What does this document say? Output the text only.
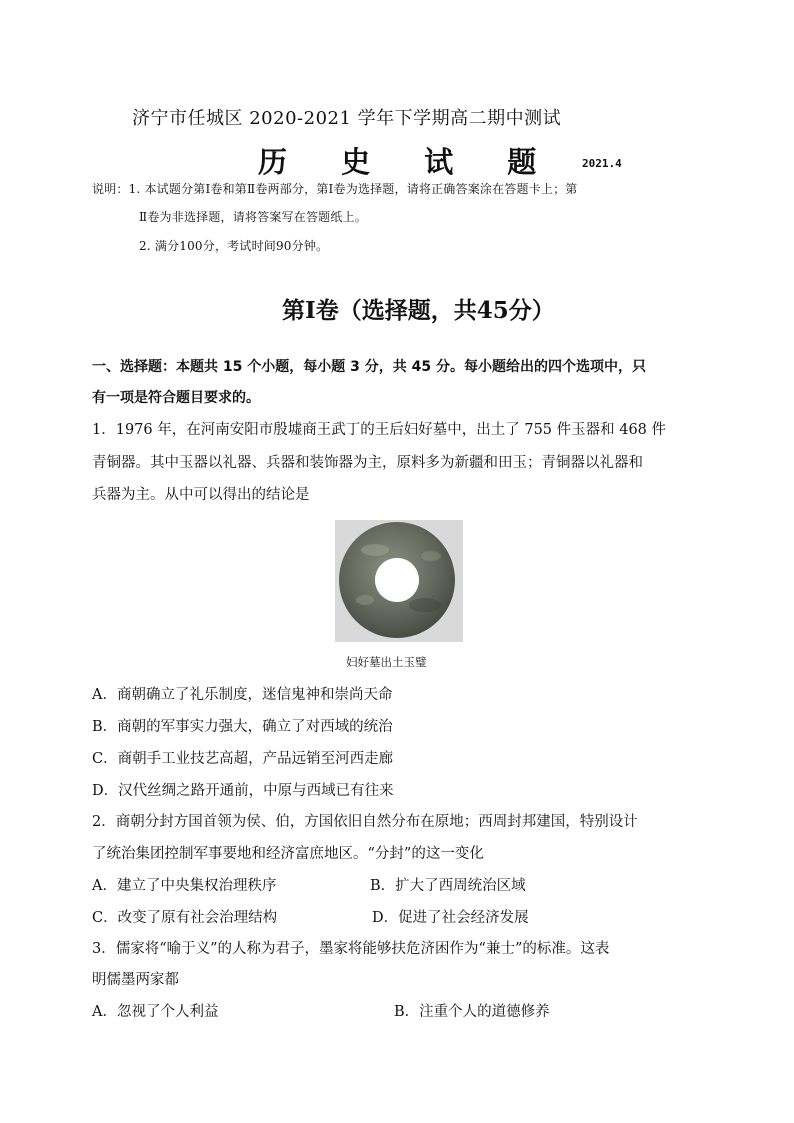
济宁市任城区 2020-2021 学年下学期高二期中测试
历 史 试 题 2021.4
说明：1. 本试题分第Ⅰ卷和第Ⅱ卷两部分，第Ⅰ卷为选择题，请将正确答案涂在答题卡上；第
Ⅱ卷为非选择题，请将答案写在答题纸上。
2. 满分100分，考试时间90分钟。
第Ⅰ卷（选择题，共45分）
一、选择题：本题共 15 个小题，每小题 3 分，共 45 分。每小题给出的四个选项中，只
有一项是符合题目要求的。
1．1976 年，在河南安阳市殷墟商王武丁的王后妇好墓中，出土了 755 件玉器和 468 件
青铜器。其中玉器以礼器、兵器和装饰器为主，原料多为新疆和田玉；青铜器以礼器和
兵器为主。从中可以得出的结论是
妇好墓出土玉璧
A．商朝确立了礼乐制度，迷信鬼神和崇尚天命
B．商朝的军事实力强大，确立了对西域的统治
C．商朝手工业技艺高超，产品远销至河西走廊
D．汉代丝绸之路开通前，中原与西域已有往来
2．商朝分封方国首领为侯、伯，方国依旧自然分布在原地；西周封邦建国，特别设计
了统治集团控制军事要地和经济富庶地区。“分封”的这一变化
A．建立了中央集权治理秩序	B．扩大了西周统治区域
C．改变了原有社会治理结构	D．促进了社会经济发展
3．儒家将“喻于义”的人称为君子，墨家将能够扶危济困作为“兼士”的标准。这表
明儒墨两家都
A．忽视了个人利益	B．注重个人的道德修养
